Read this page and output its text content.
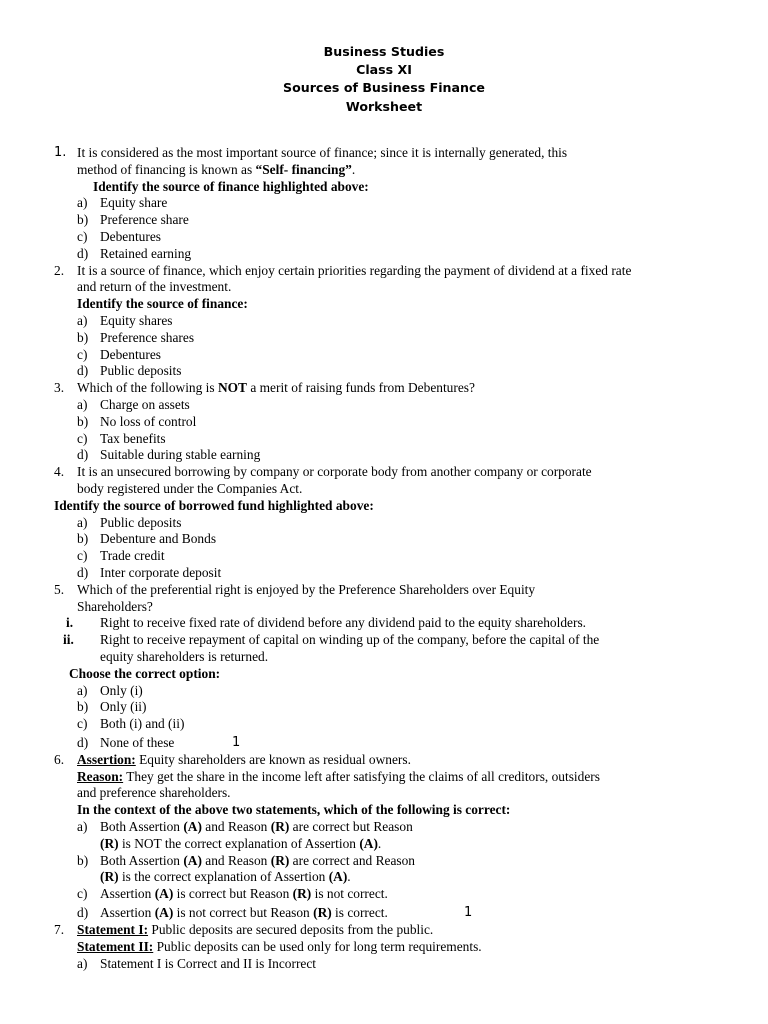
Business Studies
Class XI
Sources of Business Finance
Worksheet
1. It is considered as the most important source of finance; since it is internally generated, this
method of financing is known as “Self- financing”.
Identify the source of finance highlighted above:
a) Equity share
b) Preference share
c) Debentures
d) Retained earning
2. It is a source of finance, which enjoy certain priorities regarding the payment of dividend at a fixed rate
and return of the investment.
Identify the source of finance:
a) Equity shares
b) Preference shares
c) Debentures
d) Public deposits
3. Which of the following is NOT a merit of raising funds from Debentures?
a) Charge on assets
b) No loss of control
c) Tax benefits
d) Suitable during stable earning
4. It is an unsecured borrowing by company or corporate body from another company or corporate
body registered under the Companies Act.
Identify the source of borrowed fund highlighted above:
a) Public deposits
b) Debenture and Bonds
c) Trade credit
d) Inter corporate deposit
5. Which of the preferential right is enjoyed by the Preference Shareholders over Equity
Shareholders?
i. Right to receive fixed rate of dividend before any dividend paid to the equity shareholders.
ii. Right to receive repayment of capital on winding up of the company, before the capital of the
equity shareholders is returned.
Choose the correct option:
a) Only (i)
b) Only (ii)
c) Both (i) and (ii)
d) None of these	1
6. Assertion: Equity shareholders are known as residual owners.
Reason: They get the share in the income left after satisfying the claims of all creditors, outsiders
and preference shareholders.
In the context of the above two statements, which of the following is correct:
a) Both Assertion (A) and Reason (R) are correct but Reason
(R) is NOT the correct explanation of Assertion (A).
b) Both Assertion (A) and Reason (R) are correct and Reason
(R) is the correct explanation of Assertion (A).
c) Assertion (A) is correct but Reason (R) is not correct.
d) Assertion (A) is not correct but Reason (R) is correct.	1
7. Statement I: Public deposits are secured deposits from the public.
Statement II: Public deposits can be used only for long term requirements.
a) Statement I is Correct and II is Incorrect
